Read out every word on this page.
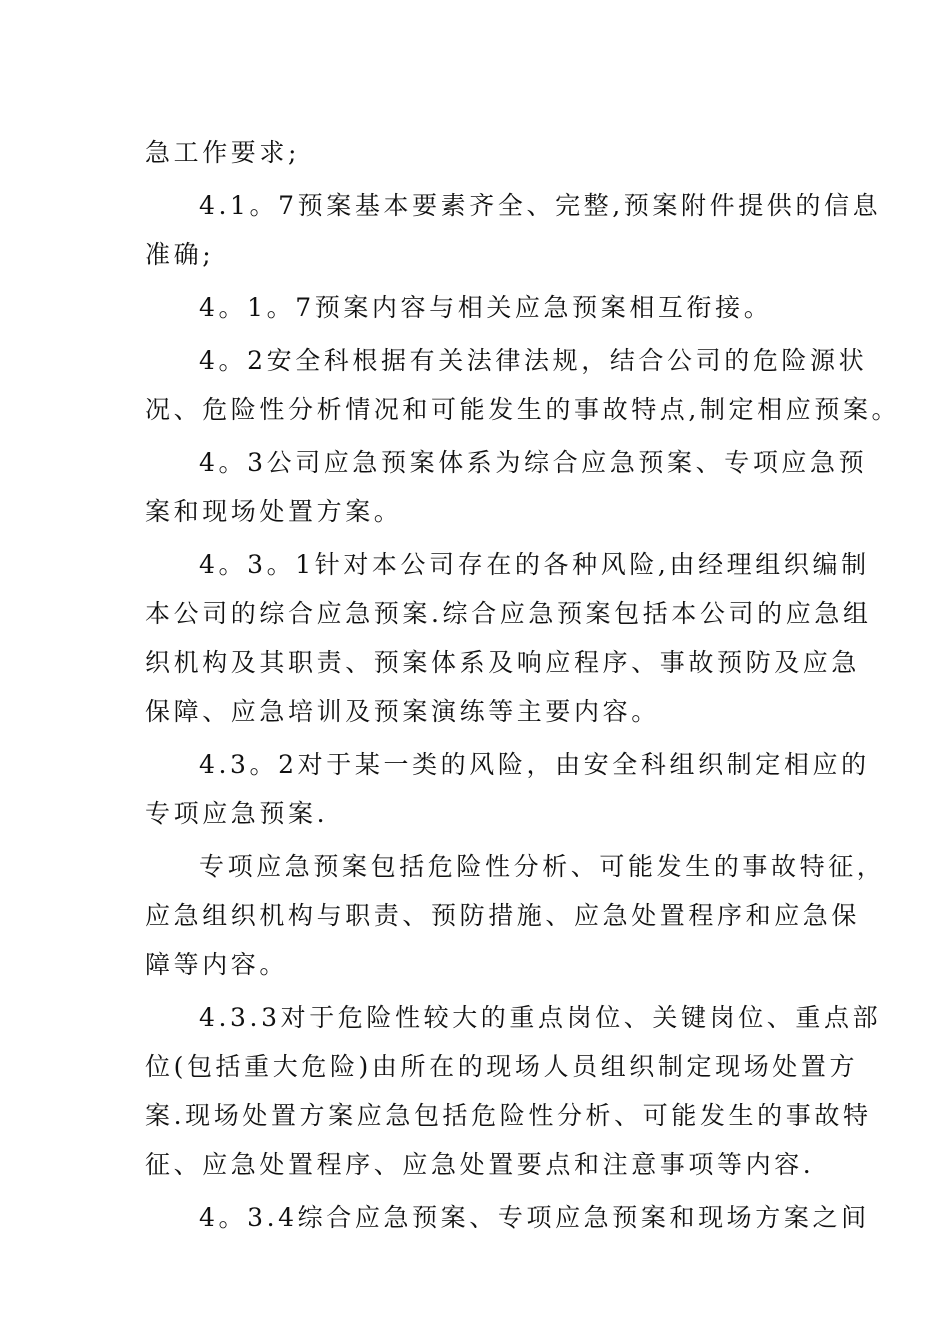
急工作要求;
4.1。7预案基本要素齐全、完整,预案附件提供的信息
准确;
4。1。7预案内容与相关应急预案相互衔接。
4。2安全科根据有关法律法规，结合公司的危险源状
况、危险性分析情况和可能发生的事故特点,制定相应预案。
4。3公司应急预案体系为综合应急预案、专项应急预
案和现场处置方案。
4。3。1针对本公司存在的各种风险,由经理组织编制
本公司的综合应急预案.综合应急预案包括本公司的应急组
织机构及其职责、预案体系及响应程序、事故预防及应急
保障、应急培训及预案演练等主要内容。
4.3。2对于某一类的风险，由安全科组织制定相应的
专项应急预案.
专项应急预案包括危险性分析、可能发生的事故特征，
应急组织机构与职责、预防措施、应急处置程序和应急保
障等内容。
4.3.3对于危险性较大的重点岗位、关键岗位、重点部
位(包括重大危险)由所在的现场人员组织制定现场处置方
案.现场处置方案应急包括危险性分析、可能发生的事故特
征、应急处置程序、应急处置要点和注意事项等内容.
4。3.4综合应急预案、专项应急预案和现场方案之间
